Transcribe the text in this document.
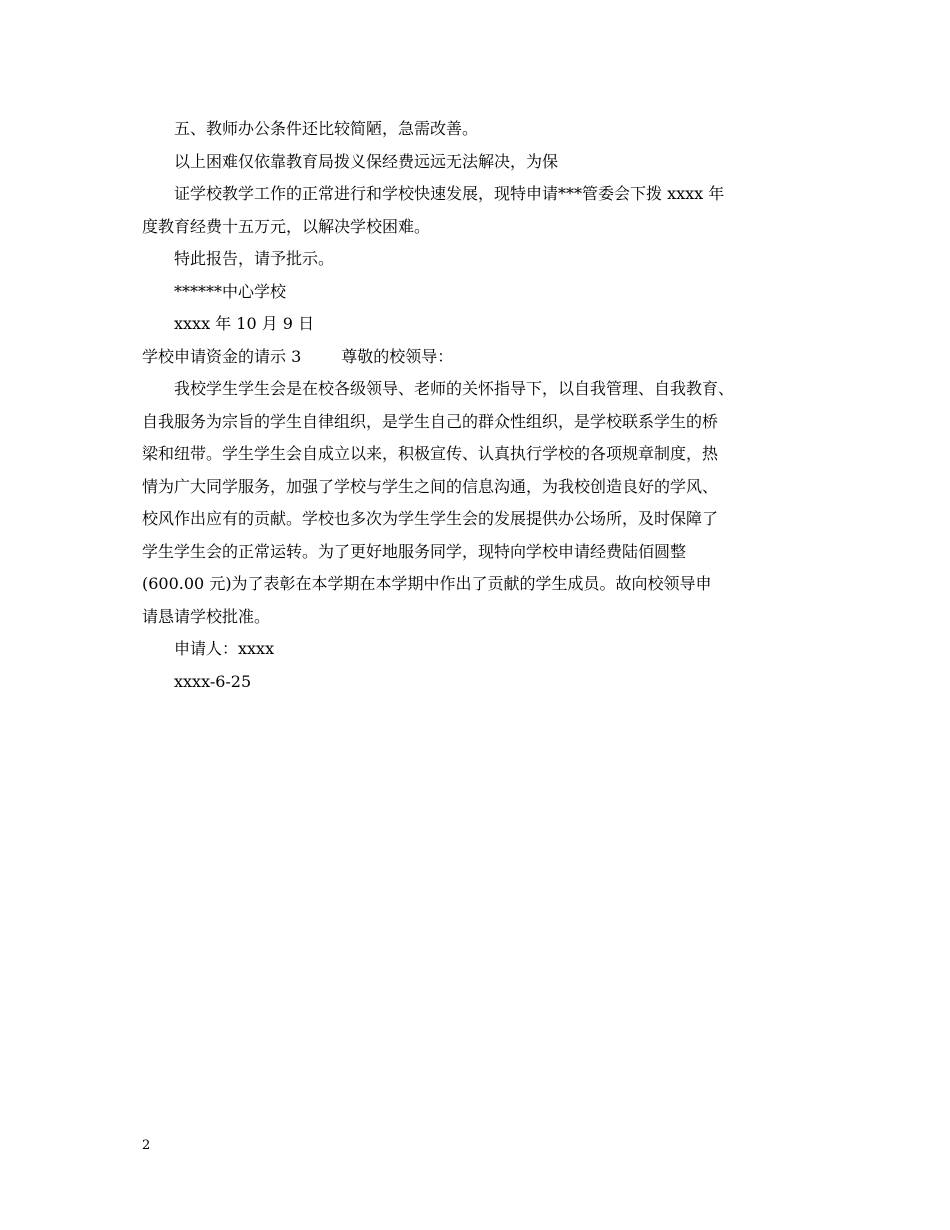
五、教师办公条件还比较简陋，急需改善。
以上困难仅依靠教育局拨义保经费远远无法解决，为保
证学校教学工作的正常进行和学校快速发展，现特申请***管委会下拨 xxxx 年
度教育经费十五万元，以解决学校困难。
特此报告，请予批示。
******中心学校
xxxx 年 10 月 9 日
学校申请资金的请示 3	尊敬的校领导：
我校学生学生会是在校各级领导、老师的关怀指导下，以自我管理、自我教育、
自我服务为宗旨的学生自律组织，是学生自己的群众性组织，是学校联系学生的桥
梁和纽带。学生学生会自成立以来，积极宣传、认真执行学校的各项规章制度，热
情为广大同学服务，加强了学校与学生之间的信息沟通，为我校创造良好的学风、
校风作出应有的贡献。学校也多次为学生学生会的发展提供办公场所，及时保障了
学生学生会的正常运转。为了更好地服务同学，现特向学校申请经费陆佰圆整
(600.00 元)为了表彰在本学期在本学期中作出了贡献的学生成员。故向校领导申
请恳请学校批准。
申请人：xxxx
xxxx-6-25
2
